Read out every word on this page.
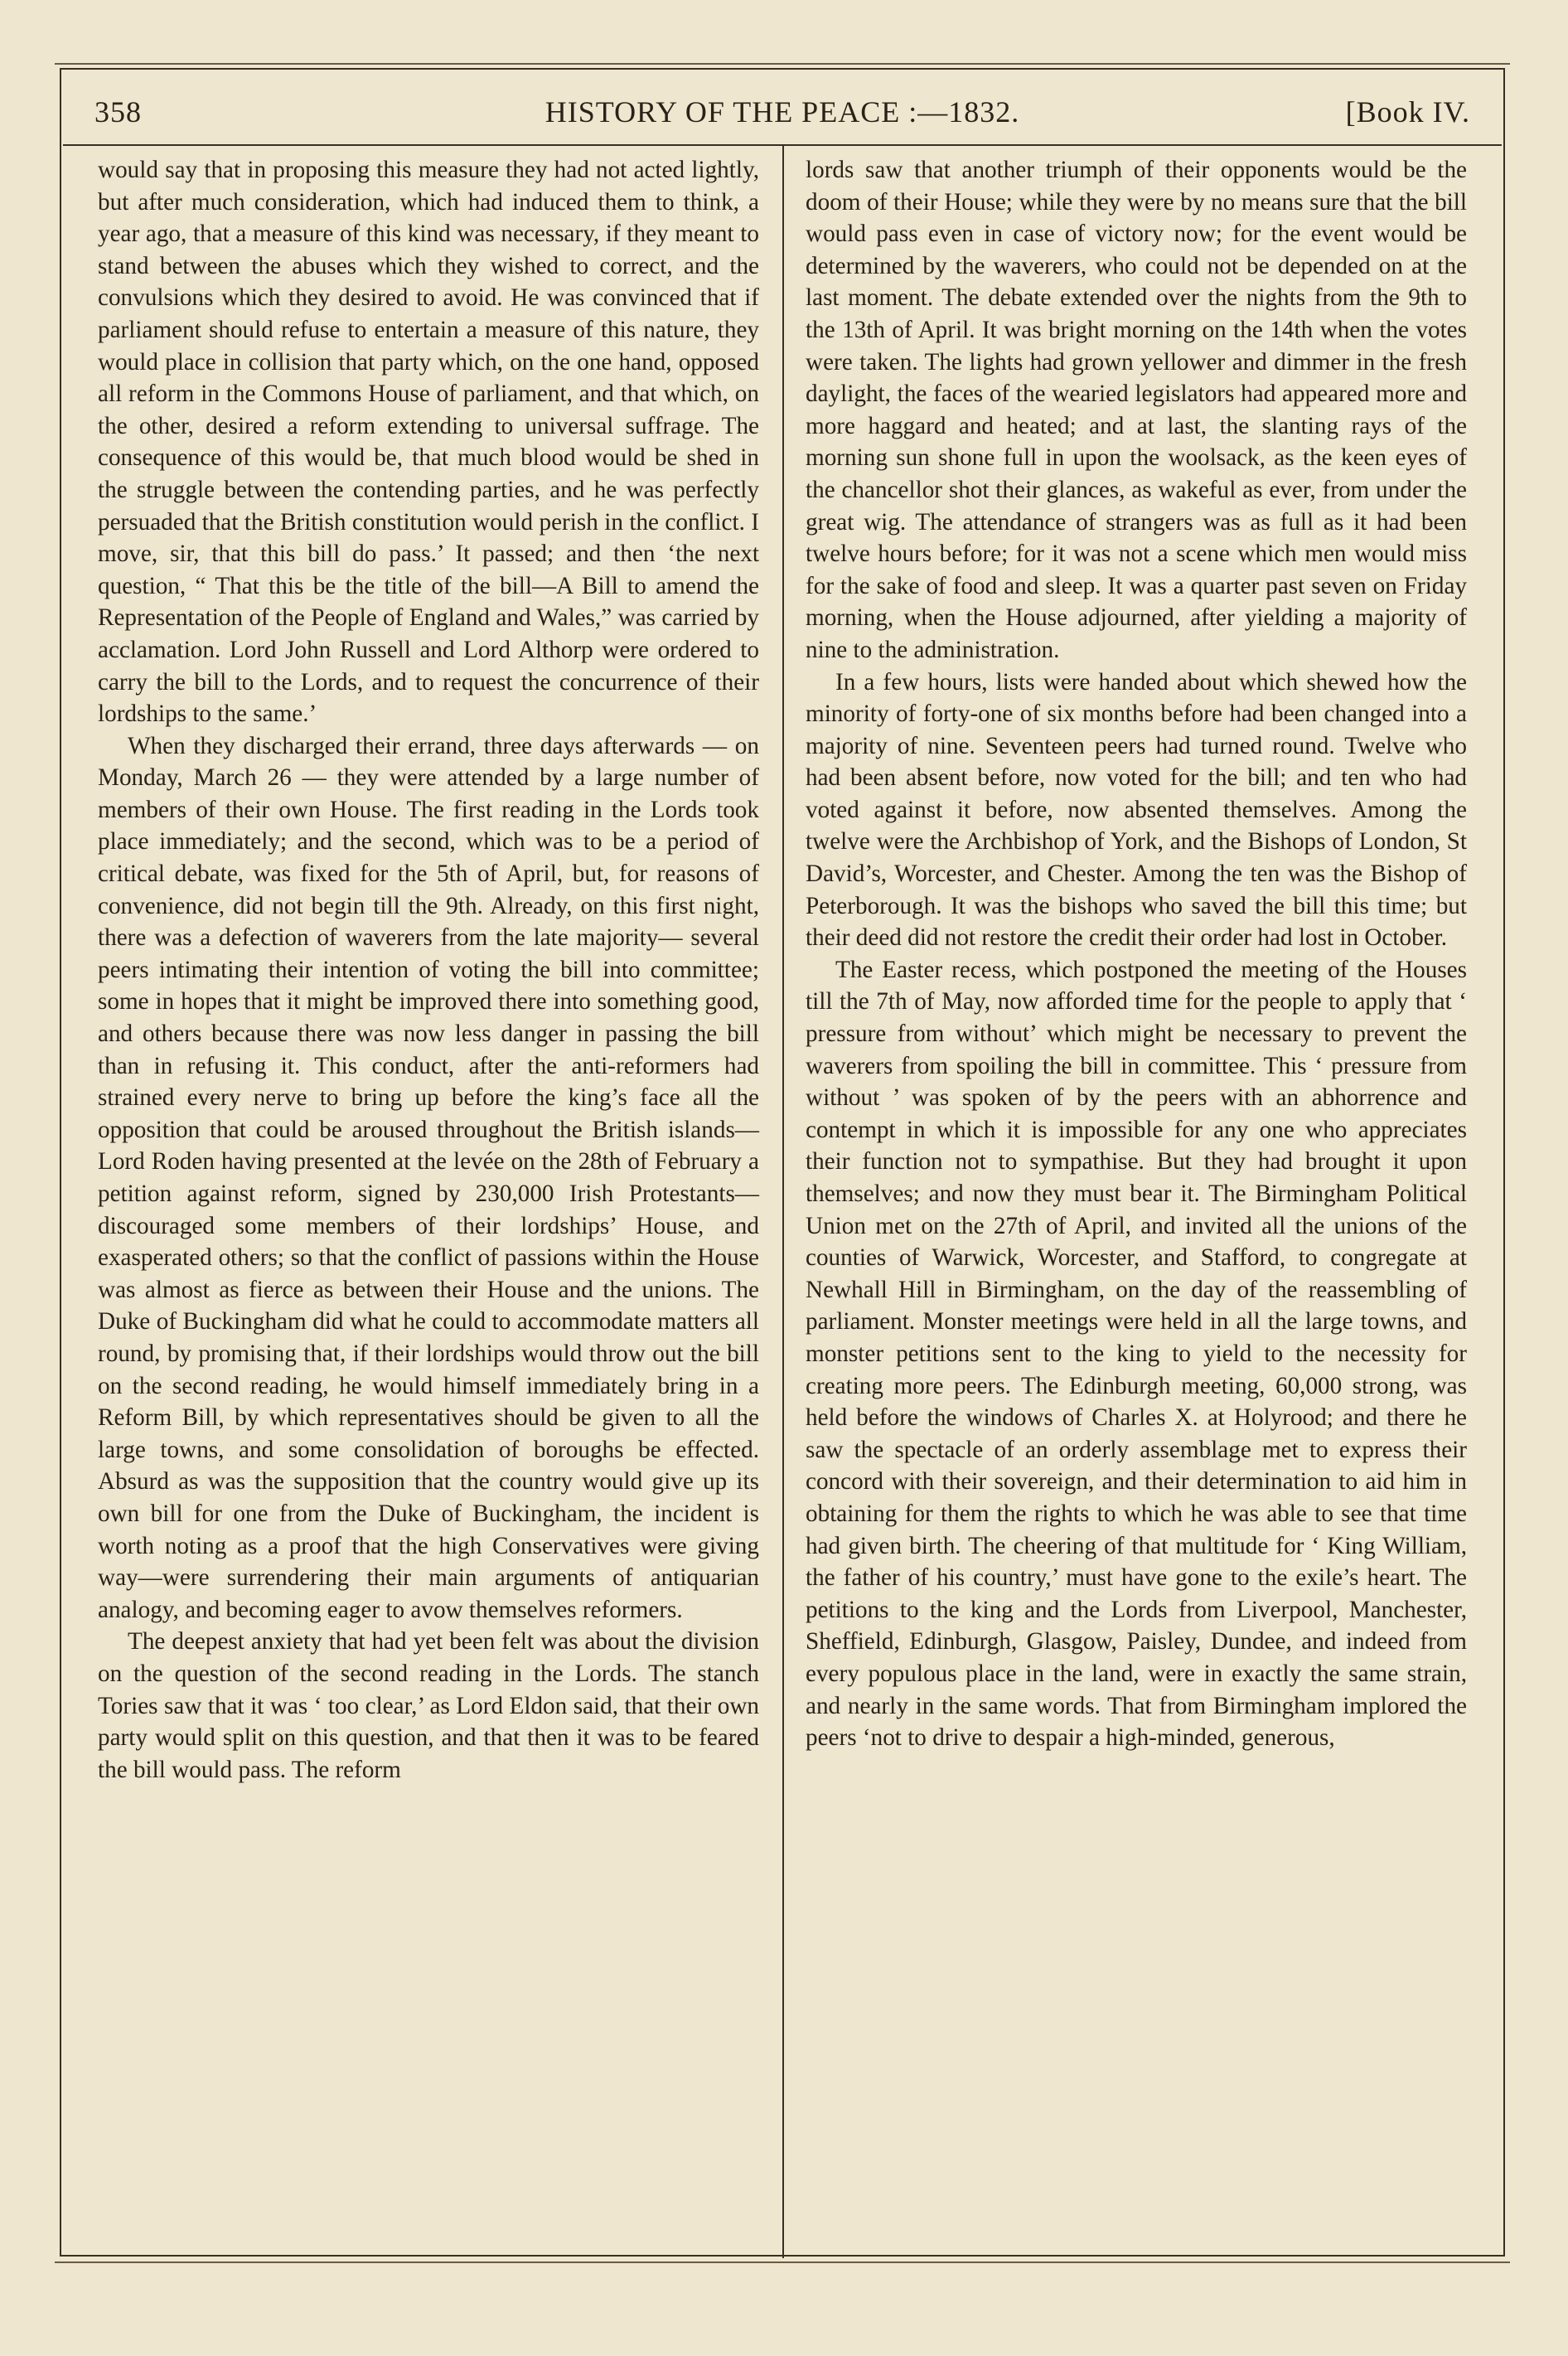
358	HISTORY OF THE PEACE :—1832.	[Book IV.

would say that in proposing this measure they had not acted lightly, but after much consideration, which had induced them to think, a year ago, that a measure of this kind was necessary, if they meant to stand between the abuses which they wished to correct, and the convulsions which they desired to avoid. He was convinced that if parliament should refuse to entertain a measure of this nature, they would place in collision that party which, on the one hand, opposed all reform in the Commons House of parliament, and that which, on the other, desired a reform extending to universal suffrage. The consequence of this would be, that much blood would be shed in the struggle between the contending parties, and he was perfectly persuaded that the British constitution would perish in the conflict. I move, sir, that this bill do pass.’ It passed; and then ‘the next question, “ That this be the title of the bill—A Bill to amend the Representation of the People of England and Wales,” was carried by acclamation. Lord John Russell and Lord Althorp were ordered to carry the bill to the Lords, and to request the concurrence of their lordships to the same.’

When they discharged their errand, three days afterwards — on Monday, March 26 — they were attended by a large number of members of their own House. The first reading in the Lords took place immediately; and the second, which was to be a period of critical debate, was fixed for the 5th of April, but, for reasons of convenience, did not begin till the 9th. Already, on this first night, there was a defection of waverers from the late majority— several peers intimating their intention of voting the bill into committee; some in hopes that it might be improved there into something good, and others because there was now less danger in passing the bill than in refusing it. This conduct, after the anti-reformers had strained every nerve to bring up before the king’s face all the opposition that could be aroused throughout the British islands—Lord Roden having presented at the levée on the 28th of February a petition against reform, signed by 230,000 Irish Protestants—discouraged some members of their lordships’ House, and exasperated others; so that the conflict of passions within the House was almost as fierce as between their House and the unions. The Duke of Buckingham did what he could to accommodate matters all round, by promising that, if their lordships would throw out the bill on the second reading, he would himself immediately bring in a Reform Bill, by which representatives should be given to all the large towns, and some consolidation of boroughs be effected. Absurd as was the supposition that the country would give up its own bill for one from the Duke of Buckingham, the incident is worth noting as a proof that the high Conservatives were giving way—were surrendering their main arguments of antiquarian analogy, and becoming eager to avow themselves reformers.

The deepest anxiety that had yet been felt was about the division on the question of the second reading in the Lords. The stanch Tories saw that it was ‘ too clear,’ as Lord Eldon said, that their own party would split on this question, and that then it was to be feared the bill would pass. The reform

lords saw that another triumph of their opponents would be the doom of their House; while they were by no means sure that the bill would pass even in case of victory now; for the event would be determined by the waverers, who could not be depended on at the last moment. The debate extended over the nights from the 9th to the 13th of April. It was bright morning on the 14th when the votes were taken. The lights had grown yellower and dimmer in the fresh daylight, the faces of the wearied legislators had appeared more and more haggard and heated; and at last, the slanting rays of the morning sun shone full in upon the woolsack, as the keen eyes of the chancellor shot their glances, as wakeful as ever, from under the great wig. The attendance of strangers was as full as it had been twelve hours before; for it was not a scene which men would miss for the sake of food and sleep. It was a quarter past seven on Friday morning, when the House adjourned, after yielding a majority of nine to the administration.

In a few hours, lists were handed about which shewed how the minority of forty-one of six months before had been changed into a majority of nine. Seventeen peers had turned round. Twelve who had been absent before, now voted for the bill; and ten who had voted against it before, now absented themselves. Among the twelve were the Archbishop of York, and the Bishops of London, St David’s, Worcester, and Chester. Among the ten was the Bishop of Peterborough. It was the bishops who saved the bill this time; but their deed did not restore the credit their order had lost in October.

The Easter recess, which postponed the meeting of the Houses till the 7th of May, now afforded time for the people to apply that ‘ pressure from without’ which might be necessary to prevent the waverers from spoiling the bill in committee. This ‘ pressure from without ’ was spoken of by the peers with an abhorrence and contempt in which it is impossible for any one who appreciates their function not to sympathise. But they had brought it upon themselves; and now they must bear it. The Birmingham Political Union met on the 27th of April, and invited all the unions of the counties of Warwick, Worcester, and Stafford, to congregate at Newhall Hill in Birmingham, on the day of the reassembling of parliament. Monster meetings were held in all the large towns, and monster petitions sent to the king to yield to the necessity for creating more peers. The Edinburgh meeting, 60,000 strong, was held before the windows of Charles X. at Holyrood; and there he saw the spectacle of an orderly assemblage met to express their concord with their sovereign, and their determination to aid him in obtaining for them the rights to which he was able to see that time had given birth. The cheering of that multitude for ‘ King William, the father of his country,’ must have gone to the exile’s heart. The petitions to the king and the Lords from Liverpool, Manchester, Sheffield, Edinburgh, Glasgow, Paisley, Dundee, and indeed from every populous place in the land, were in exactly the same strain, and nearly in the same words. That from Birmingham implored the peers ‘not to drive to despair a high-minded, generous,
